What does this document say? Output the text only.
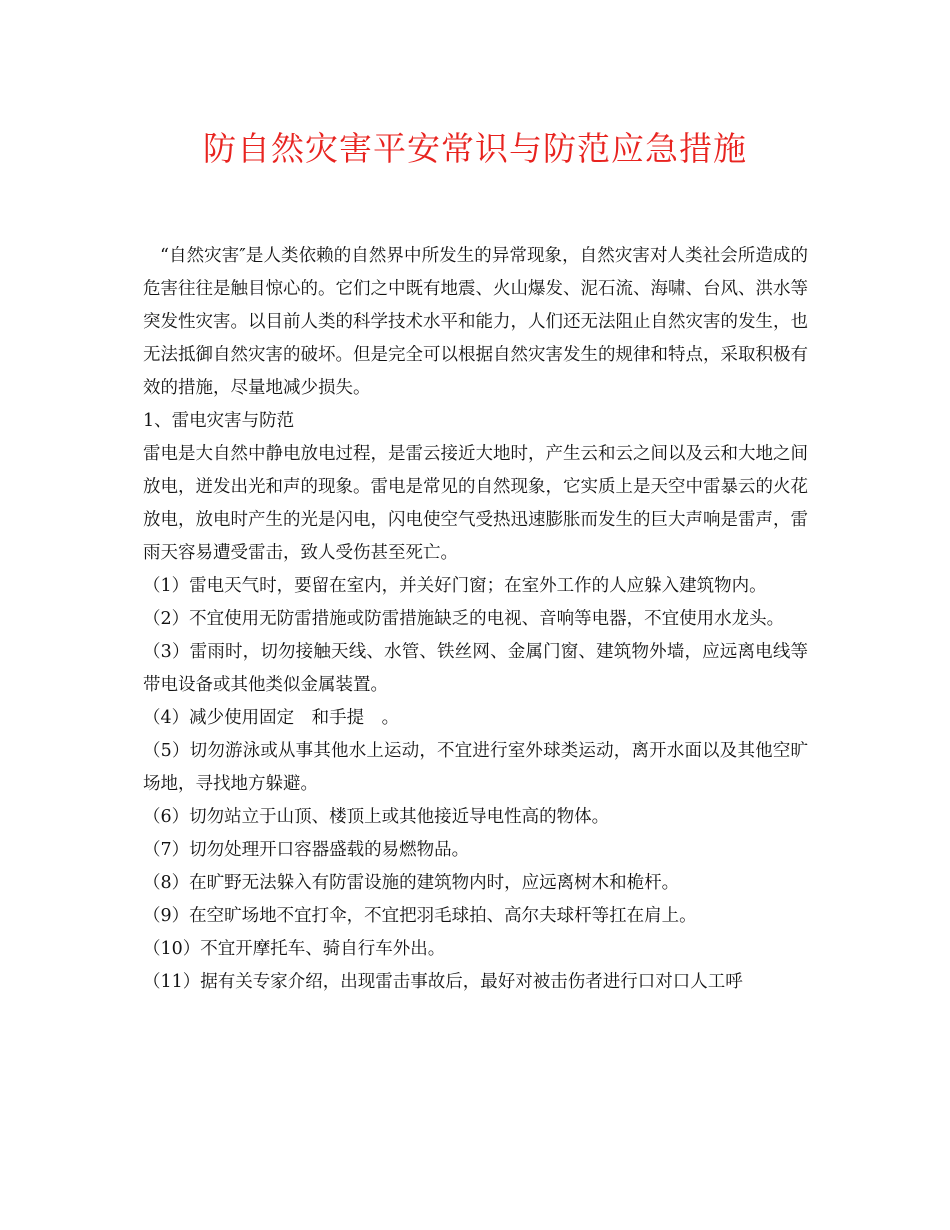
防自然灾害平安常识与防范应急措施

“自然灾害″是人类依赖的自然界中所发生的异常现象，自然灾害对人类社会所造成的危害往往是触目惊心的。它们之中既有地震、火山爆发、泥石流、海啸、台风、洪水等突发性灾害。以目前人类的科学技术水平和能力，人们还无法阻止自然灾害的发生，也无法抵御自然灾害的破坏。但是完全可以根据自然灾害发生的规律和特点，采取积极有效的措施，尽量地减少损失。

1、雷电灾害与防范

雷电是大自然中静电放电过程，是雷云接近大地时，产生云和云之间以及云和大地之间放电，迸发出光和声的现象。雷电是常见的自然现象，它实质上是天空中雷暴云的火花放电，放电时产生的光是闪电，闪电使空气受热迅速膨胀而发生的巨大声响是雷声，雷雨天容易遭受雷击，致人受伤甚至死亡。

（1）雷电天气时，要留在室内，并关好门窗；在室外工作的人应躲入建筑物内。

（2）不宜使用无防雷措施或防雷措施缺乏的电视、音响等电器，不宜使用水龙头。

（3）雷雨时，切勿接触天线、水管、铁丝网、金属门窗、建筑物外墙，应远离电线等带电设备或其他类似金属装置。

（4）减少使用固定　和手提　。

（5）切勿游泳或从事其他水上运动，不宜进行室外球类运动，离开水面以及其他空旷场地，寻找地方躲避。

（6）切勿站立于山顶、楼顶上或其他接近导电性高的物体。

（7）切勿处理开口容器盛载的易燃物品。

（8）在旷野无法躲入有防雷设施的建筑物内时，应远离树木和桅杆。

（9）在空旷场地不宜打伞，不宜把羽毛球拍、高尔夫球杆等扛在肩上。

（10）不宜开摩托车、骑自行车外出。

（11）据有关专家介绍，出现雷击事故后，最好对被击伤者进行口对口人工呼
